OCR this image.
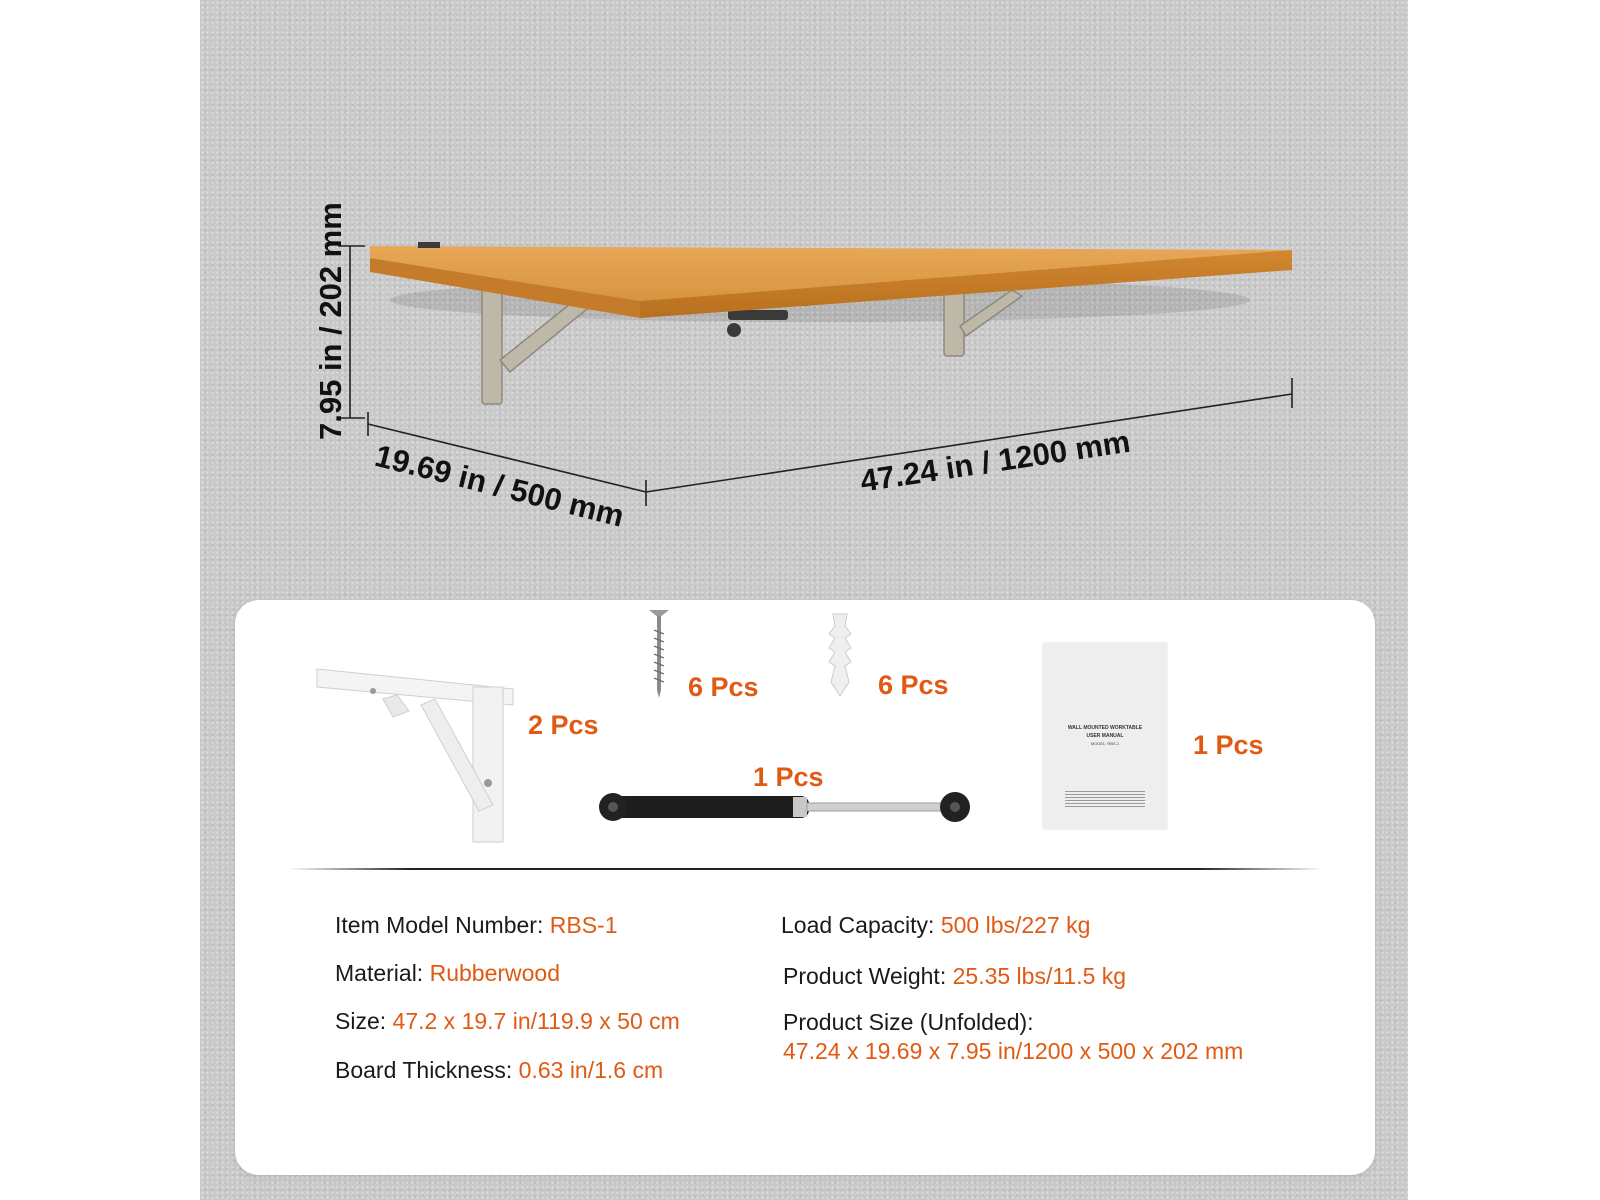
7.95 in / 202 mm
19.69 in / 500 mm	47.24 in / 1200 mm
2 Pcs
6 Pcs	6 Pcs
WALL MOUNTED WORKTABLE
USER MANUAL
MODEL: RBS-1	1 Pcs
1 Pcs
Item Model Number: RBS-1
Material: Rubberwood
Size: 47.2 x 19.7 in/119.9 x 50 cm
Board Thickness: 0.63 in/1.6 cm
Load Capacity: 500 lbs/227 kg
Product Weight: 25.35 lbs/11.5 kg
Product Size (Unfolded):
47.24 x 19.69 x 7.95 in/1200 x 500 x 202 mm
